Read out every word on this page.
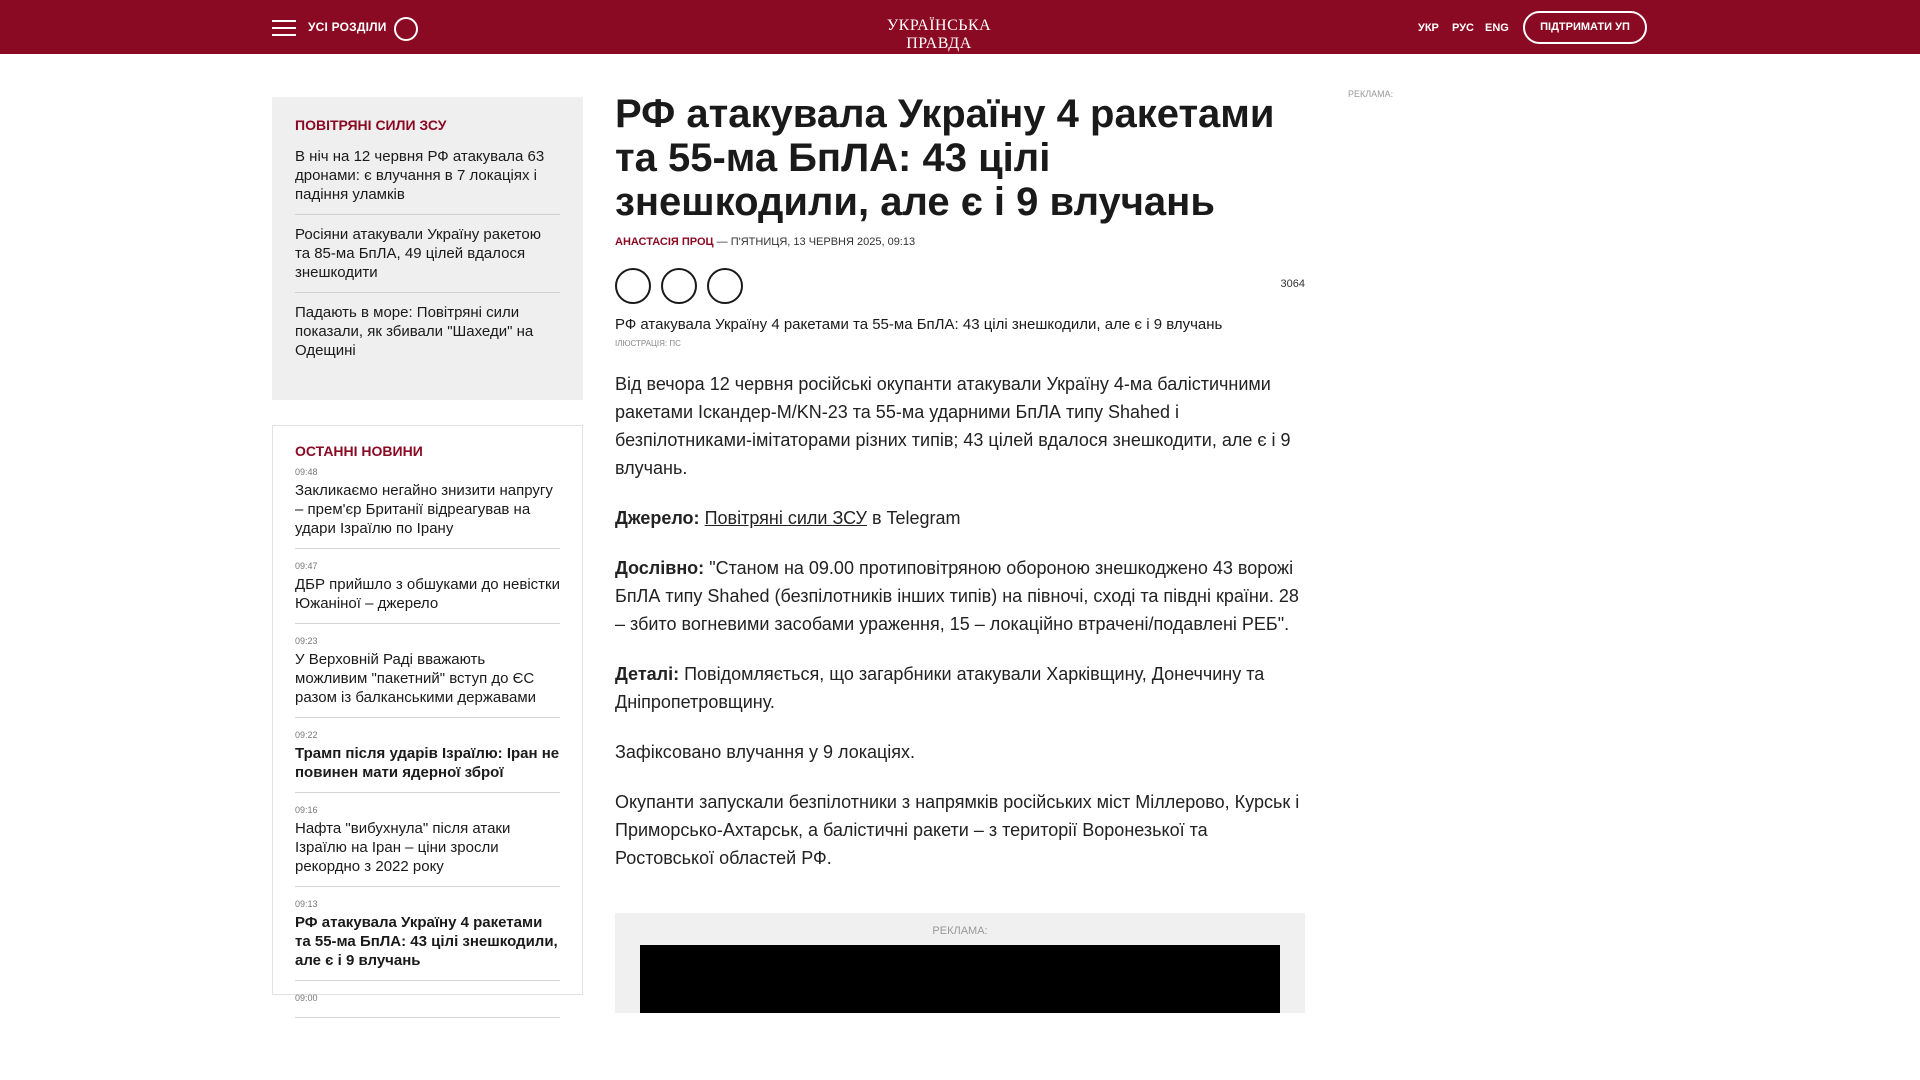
УСІ РОЗДІЛИ	УКРАЇНСЬКА ПРАВДА
УКР РУС ENG	ПІДТРИМАТИ УП
ПОВІТРЯНІ СИЛИ ЗСУ
В ніч на 12 червня РФ атакувала 63 дронами: є влучання в 7 локаціях і падіння уламків
Росіяни атакували Україну ракетою та 85-ма БпЛА, 49 цілей вдалося знешкодити
Падають в море: Повітряні сили показали, як збивали "Шахеди" на Одещині
ОСТАННІ НОВИНИ
09:48
Закликаємо негайно знизити напругу – прем'єр Британії відреагував на удари Ізраїлю по Ірану
09:47
ДБР прийшло з обшуками до невістки Южаніної – джерело
09:23
У Верховній Раді вважають можливим "пакетний" вступ до ЄС разом із балканськими державами
09:22
Трамп після ударів Ізраїлю: Іран не повинен мати ядерної зброї
09:16
Нафта "вибухнула" після атаки Ізраїлю на Іран – ціни зросли рекордно з 2022 року
09:13
РФ атакувала Україну 4 ракетами та 55-ма БпЛА: 43 цілі знешкодили, але є і 9 влучань
09:00
РФ атакувала Україну 4 ракетами та 55-ма БпЛА: 43 цілі знешкодили, але є і 9 влучань
АНАСТАСІЯ ПРОЦ — П'ЯТНИЦЯ, 13 ЧЕРВНЯ 2025, 09:13
3064
РФ атакувала Україну 4 ракетами та 55-ма БпЛА: 43 цілі знешкодили, але є і 9 влучань
ІЛЮСТРАЦІЯ: ПС

Від вечора 12 червня російські окупанти атакували Україну 4-ма балістичними ракетами Іскандер-М/KN-23 та 55-ма ударними БпЛА типу Shahed і безпілотниками-імітаторами різних типів; 43 цілей вдалося знешкодити, але є і 9 влучань.

Джерело: Повітряні сили ЗСУ в Telegram

Дослівно: "Станом на 09.00 протиповітряною обороною знешкоджено 43 ворожі БпЛА типу Shahed (безпілотників інших типів) на півночі, сході та півдні країни. 28 – збито вогневими засобами ураження, 15 – локаційно втрачені/подавлені РЕБ".

Деталі: Повідомляється, що загарбники атакували Харківщину, Донеччину та Дніпропетровщину.

Зафіксовано влучання у 9 локаціях.

Окупанти запускали безпілотники з напрямків російських міст Міллерово, Курськ і Приморсько-Ахтарськ, а балістичні ракети – з території Воронезької та Ростовської областей РФ.

РЕКЛАМА:
РЕКЛАМА:
